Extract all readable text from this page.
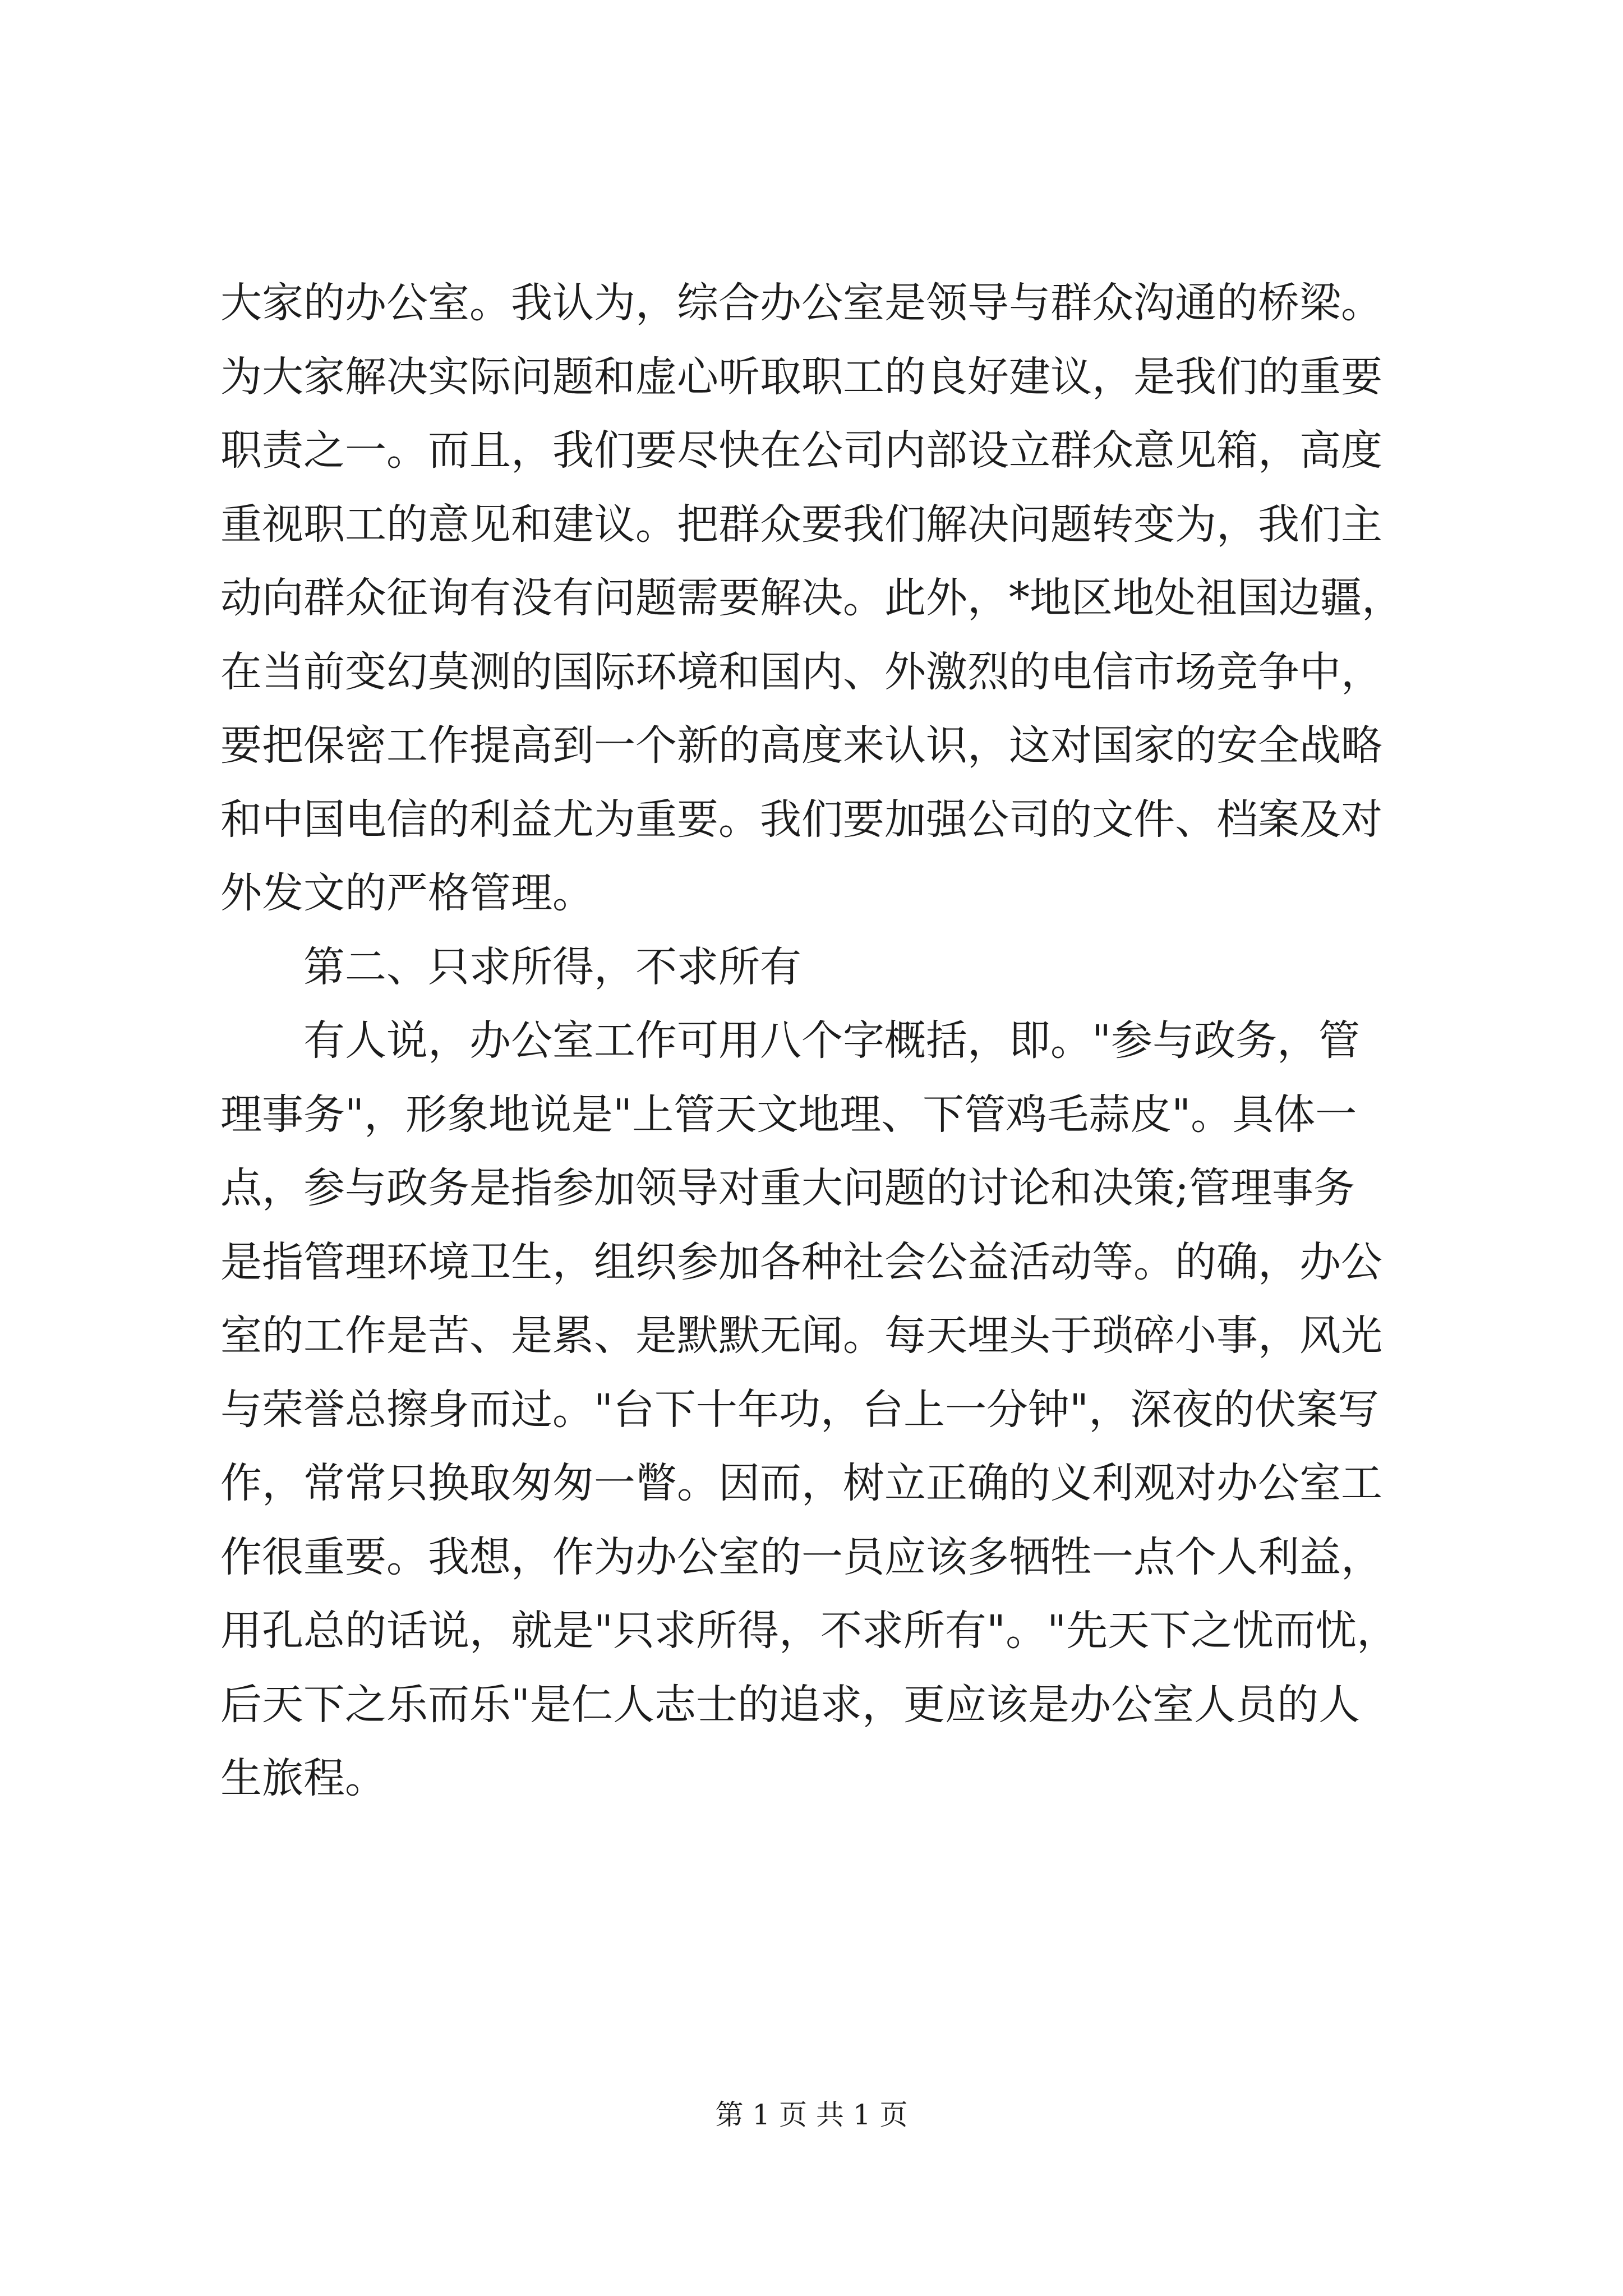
大家的办公室。我认为，综合办公室是领导与群众沟通的桥梁。
为大家解决实际问题和虚心听取职工的良好建议，是我们的重要
职责之一。而且，我们要尽快在公司内部设立群众意见箱，高度
重视职工的意见和建议。把群众要我们解决问题转变为，我们主
动向群众征询有没有问题需要解决。此外，*地区地处祖国边疆，
在当前变幻莫测的国际环境和国内、外激烈的电信市场竞争中，
要把保密工作提高到一个新的高度来认识，这对国家的安全战略
和中国电信的利益尤为重要。我们要加强公司的文件、档案及对
外发文的严格管理。
第二、只求所得，不求所有
有人说，办公室工作可用八个字概括，即。"参与政务，管
理事务"，形象地说是"上管天文地理、下管鸡毛蒜皮"。具体一
点，参与政务是指参加领导对重大问题的讨论和决策;管理事务
是指管理环境卫生，组织参加各种社会公益活动等。的确，办公
室的工作是苦、是累、是默默无闻。每天埋头于琐碎小事，风光
与荣誉总擦身而过。"台下十年功，台上一分钟"，深夜的伏案写
作，常常只换取匆匆一瞥。因而，树立正确的义利观对办公室工
作很重要。我想，作为办公室的一员应该多牺牲一点个人利益，
用孔总的话说，就是"只求所得，不求所有"。"先天下之忧而忧，
后天下之乐而乐"是仁人志士的追求，更应该是办公室人员的人
生旅程。
第 1 页 共 1 页
